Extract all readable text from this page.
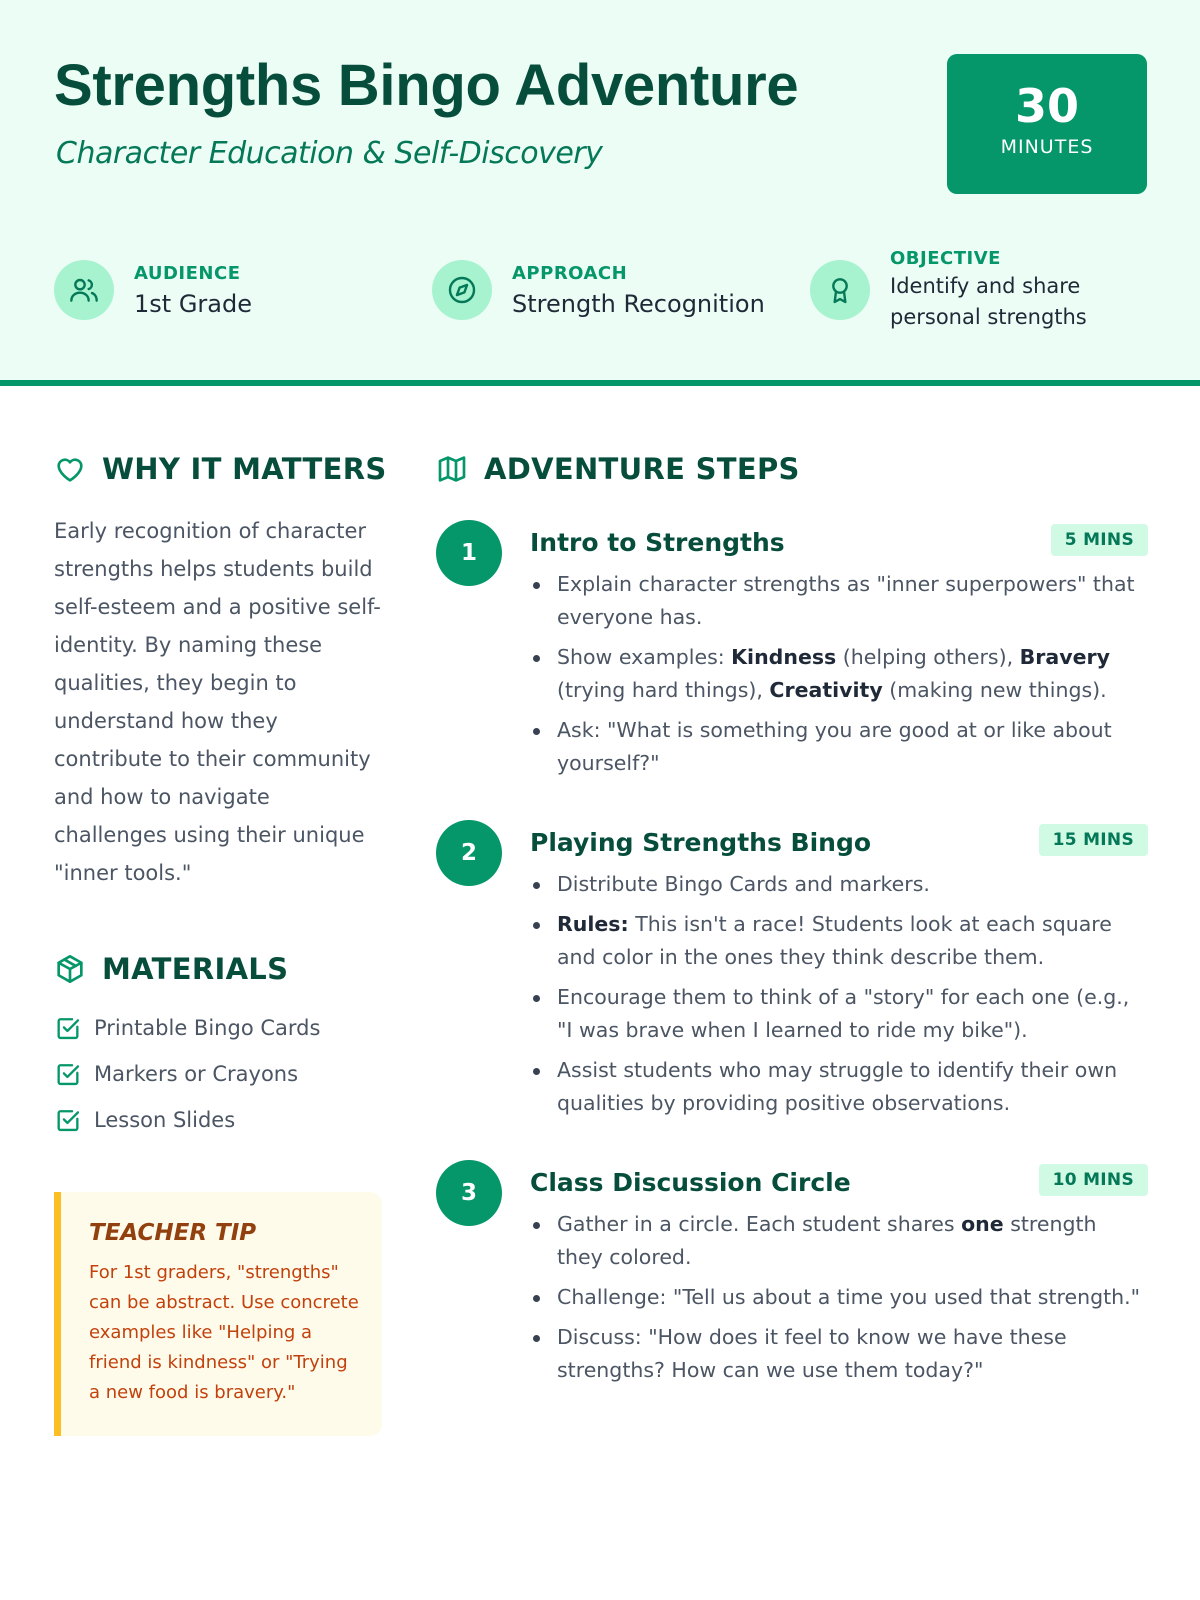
Strengths Bingo Adventure
Character Education & Self-Discovery
30
MINUTES
AUDIENCE
1st Grade
APPROACH
Strength Recognition
OBJECTIVE
Identify and share personal strengths
WHY IT MATTERS

Early recognition of character strengths helps students build self-esteem and a positive self-identity. By naming these qualities, they begin to understand how they contribute to their community and how to navigate challenges using their unique "inner tools."

MATERIALS
Printable Bingo Cards
Markers or Crayons
Lesson Slides
TEACHER TIP

For 1st graders, "strengths" can be abstract. Use concrete examples like "Helping a friend is kindness" or "Trying a new food is bravery."

ADVENTURE STEPS
1	Intro to Strengths	5 MINS
Explain character strengths as "inner superpowers" that everyone has.
Show examples: Kindness (helping others), Bravery (trying hard things), Creativity (making new things).
Ask: "What is something you are good at or like about yourself?"
2	Playing Strengths Bingo	15 MINS
Distribute Bingo Cards and markers.
Rules: This isn't a race! Students look at each square and color in the ones they think describe them.
Encourage them to think of a "story" for each one (e.g., "I was brave when I learned to ride my bike").
Assist students who may struggle to identify their own qualities by providing positive observations.
3	Class Discussion Circle	10 MINS
Gather in a circle. Each student shares one strength they colored.
Challenge: "Tell us about a time you used that strength."
Discuss: "How does it feel to know we have these strengths? How can we use them today?"
